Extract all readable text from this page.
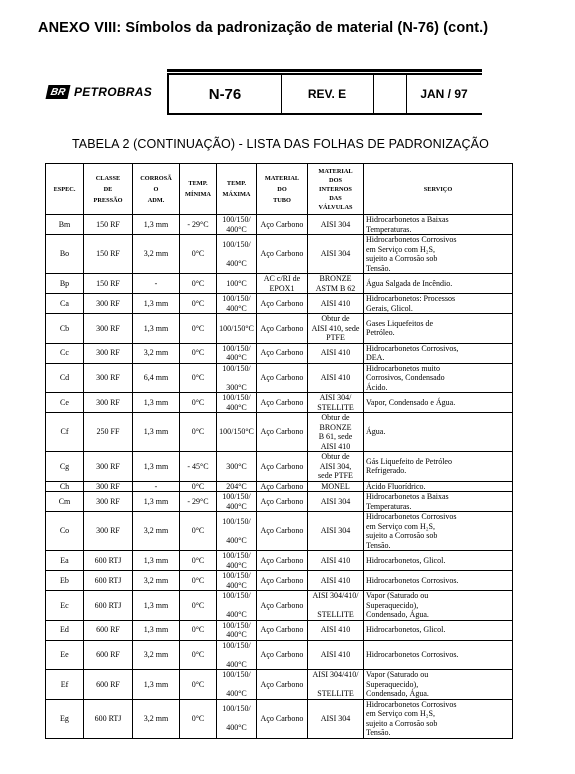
ANEXO VIII: Símbolos da padronização de material (N-76) (cont.)
BR PETROBRAS	N-76	REV. E	JAN / 97
TABELA 2 (CONTINUAÇÃO) - LISTA DAS FOLHAS DE PADRONIZAÇÃO
ESPEC.	CLASSE
DE
PRESSÃO	CORROSÃ
O
ADM.	TEMP.
MÍNIMA	TEMP.
MÁXIMA	MATERIAL
DO
TUBO	MATERIAL
DOS
INTERNOS
DAS
VÁLVULAS	SERVIÇO

Bm	150 RF	1,3 mm	- 29°C	100/150/
400°C	Aço Carbono	AISI 304	Hidrocarbonetos a Baixas
Temperaturas.

Bo	150 RF	3,2 mm	0°C	100/150/
400°C	Aço Carbono	AISI 304	Hidrocarbonetos Corrosivos
em Serviço com H₂S,
sujeito a Corrosão sob
Tensão.

Bp	150 RF	-	0°C	100°C	AC c/RI de
EPOX1	BRONZE
ASTM B 62	Água Salgada de Incêndio.

Ca	300 RF	1,3 mm	0°C	100/150/
400°C	Aço Carbono	AISI 410	Hidrocarbonetos: Processos
Gerais, Glicol.

Cb	300 RF	1,3 mm	0°C	100/150°C	Aço Carbono	Obtur de
AISI 410, sede
PTFE	Gases Liquefeitos de
Petróleo.

Cc	300 RF	3,2 mm	0°C	100/150/
400°C	Aço Carbono	AISI 410	Hidrocarbonetos Corrosivos,
DEA.

Cd	300 RF	6,4 mm	0°C	100/150/
300°C	Aço Carbono	AISI 410	Hidrocarbonetos muito
Corrosivos, Condensado
Ácido.

Ce	300 RF	1,3 mm	0°C	100/150/
400°C	Aço Carbono	AISI 304/
STELLITE	Vapor, Condensado e Água.

Cf	250 FF	1,3 mm	0°C	100/150°C	Aço Carbono	Obtur de
BRONZE
B 61, sede
AISI 410	Água.

Cg	300 RF	1,3 mm	- 45°C	300°C	Aço Carbono	Obtur de
AISI 304,
sede PTFE	Gás Liquefeito de Petróleo
Refrigerado.

Ch	300 RF	-	0°C	204°C	Aço Carbono	MONEL	Ácido Fluorídrico.

Cm	300 RF	1,3 mm	- 29°C	100/150/
400°C	Aço Carbono	AISI 304	Hidrocarbonetos a Baixas
Temperaturas.

Co	300 RF	3,2 mm	0°C	100/150/
400°C	Aço Carbono	AISI 304	Hidrocarbonetos Corrosivos
em Serviço com H₂S,
sujeito a Corrosão sob
Tensão.

Ea	600 RTJ	1,3 mm	0°C	100/150/
400°C	Aço Carbono	AISI 410	Hidrocarbonetos, Glicol.

Eb	600 RTJ	3,2 mm	0°C	100/150/
400°C	Aço Carbono	AISI 410	Hidrocarbonetos Corrosivos.

Ec	600 RTJ	1,3 mm	0°C	100/150/
400°C	Aço Carbono	AISI 304/410/
STELLITE	Vapor (Saturado ou
Superaquecido),
Condensado, Água.

Ed	600 RF	1,3 mm	0°C	100/150/
400°C	Aço Carbono	AISI 410	Hidrocarbonetos, Glicol.

Ee	600 RF	3,2 mm	0°C	100/150/
400°C	Aço Carbono	AISI 410	Hidrocarbonetos Corrosivos.

Ef	600 RF	1,3 mm	0°C	100/150/
400°C	Aço Carbono	AISI 304/410/
STELLITE	Vapor (Saturado ou
Superaquecido),
Condensado, Água.

Eg	600 RTJ	3,2 mm	0°C	100/150/
400°C	Aço Carbono	AISI 304	Hidrocarbonetos Corrosivos
em Serviço com H₂S,
sujeito a Corrosão sob
Tensão.
